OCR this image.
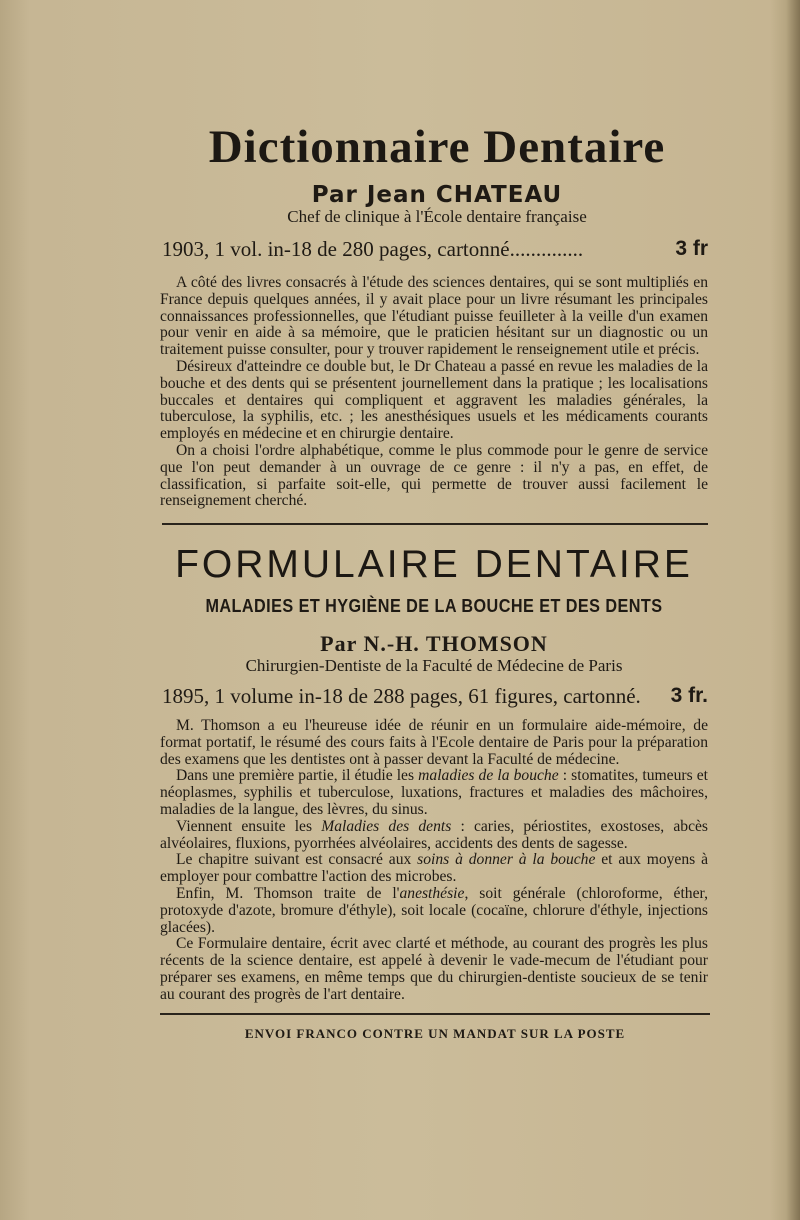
Dictionnaire Dentaire
Par Jean CHATEAU
Chef de clinique à l'École dentaire française
1903, 1 vol. in-18 de 280 pages, cartonné..............	3 fr

A côté des livres consacrés à l'étude des sciences dentaires, qui se sont multipliés en France depuis quelques années, il y avait place pour un livre résumant les principales connaissances professionnelles, que l'étudiant puisse feuilleter à la veille d'un examen pour venir en aide à sa mémoire, que le praticien hésitant sur un diagnostic ou un traitement puisse consulter, pour y trouver rapidement le renseignement utile et précis.

Désireux d'atteindre ce double but, le Dr Chateau a passé en revue les maladies de la bouche et des dents qui se présentent journellement dans la pratique ; les localisations buccales et dentaires qui compliquent et aggravent les maladies générales, la tuberculose, la syphilis, etc. ; les anesthésiques usuels et les médicaments courants employés en médecine et en chirurgie dentaire.

On a choisi l'ordre alphabétique, comme le plus commode pour le genre de service que l'on peut demander à un ouvrage de ce genre : il n'y a pas, en effet, de classification, si parfaite soit-elle, qui permette de trouver aussi facilement le renseignement cherché.

FORMULAIRE DENTAIRE
MALADIES ET HYGIÈNE DE LA BOUCHE ET DES DENTS
Par N.-H. THOMSON
Chirurgien-Dentiste de la Faculté de Médecine de Paris
1895, 1 volume in-18 de 288 pages, 61 figures, cartonné. 3 fr.

M. Thomson a eu l'heureuse idée de réunir en un formulaire aide-mémoire, de format portatif, le résumé des cours faits à l'Ecole dentaire de Paris pour la préparation des examens que les dentistes ont à passer devant la Faculté de médecine.

Dans une première partie, il étudie les maladies de la bouche : stomatites, tumeurs et néoplasmes, syphilis et tuberculose, luxations, fractures et maladies des mâchoires, maladies de la langue, des lèvres, du sinus.

Viennent ensuite les Maladies des dents : caries, périostites, exostoses, abcès alvéolaires, fluxions, pyorrhées alvéolaires, accidents des dents de sagesse.

Le chapitre suivant est consacré aux soins à donner à la bouche et aux moyens à employer pour combattre l'action des microbes.

Enfin, M. Thomson traite de l'anesthésie, soit générale (chloroforme, éther, protoxyde d'azote, bromure d'éthyle), soit locale (cocaïne, chlorure d'éthyle, injections glacées).

Ce Formulaire dentaire, écrit avec clarté et méthode, au courant des progrès les plus récents de la science dentaire, est appelé à devenir le vade-mecum de l'étudiant pour préparer ses examens, en même temps que du chirurgien-dentiste soucieux de se tenir au courant des progrès de l'art dentaire.

ENVOI FRANCO CONTRE UN MANDAT SUR LA POSTE
